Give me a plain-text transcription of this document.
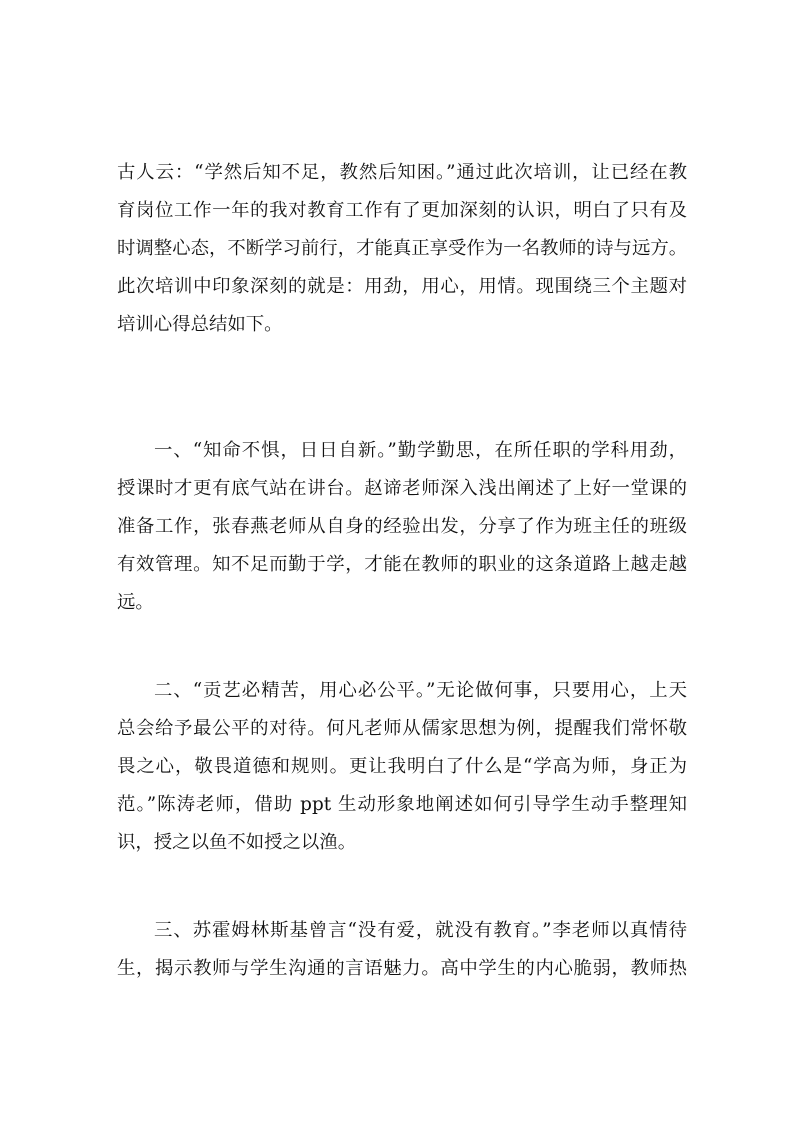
古人云：“学然后知不足，教然后知困。”通过此次培训，让已经在教
育岗位工作一年的我对教育工作有了更加深刻的认识，明白了只有及
时调整心态，不断学习前行，才能真正享受作为一名教师的诗与远方。
此次培训中印象深刻的就是：用劲，用心，用情。现围绕三个主题对
培训心得总结如下。
一、“知命不惧，日日自新。”勤学勤思，在所任职的学科用劲，
授课时才更有底气站在讲台。赵谛老师深入浅出阐述了上好一堂课的
准备工作，张春燕老师从自身的经验出发，分享了作为班主任的班级
有效管理。知不足而勤于学，才能在教师的职业的这条道路上越走越
远。
二、“贡艺必精苦，用心必公平。”无论做何事，只要用心，上天
总会给予最公平的对待。何凡老师从儒家思想为例，提醒我们常怀敬
畏之心，敬畏道德和规则。更让我明白了什么是“学高为师，身正为
范。”陈涛老师，借助 ppt 生动形象地阐述如何引导学生动手整理知
识，授之以鱼不如授之以渔。
三、苏霍姆林斯基曾言“没有爱，就没有教育。”李老师以真情待
生，揭示教师与学生沟通的言语魅力。高中学生的内心脆弱，教师热
